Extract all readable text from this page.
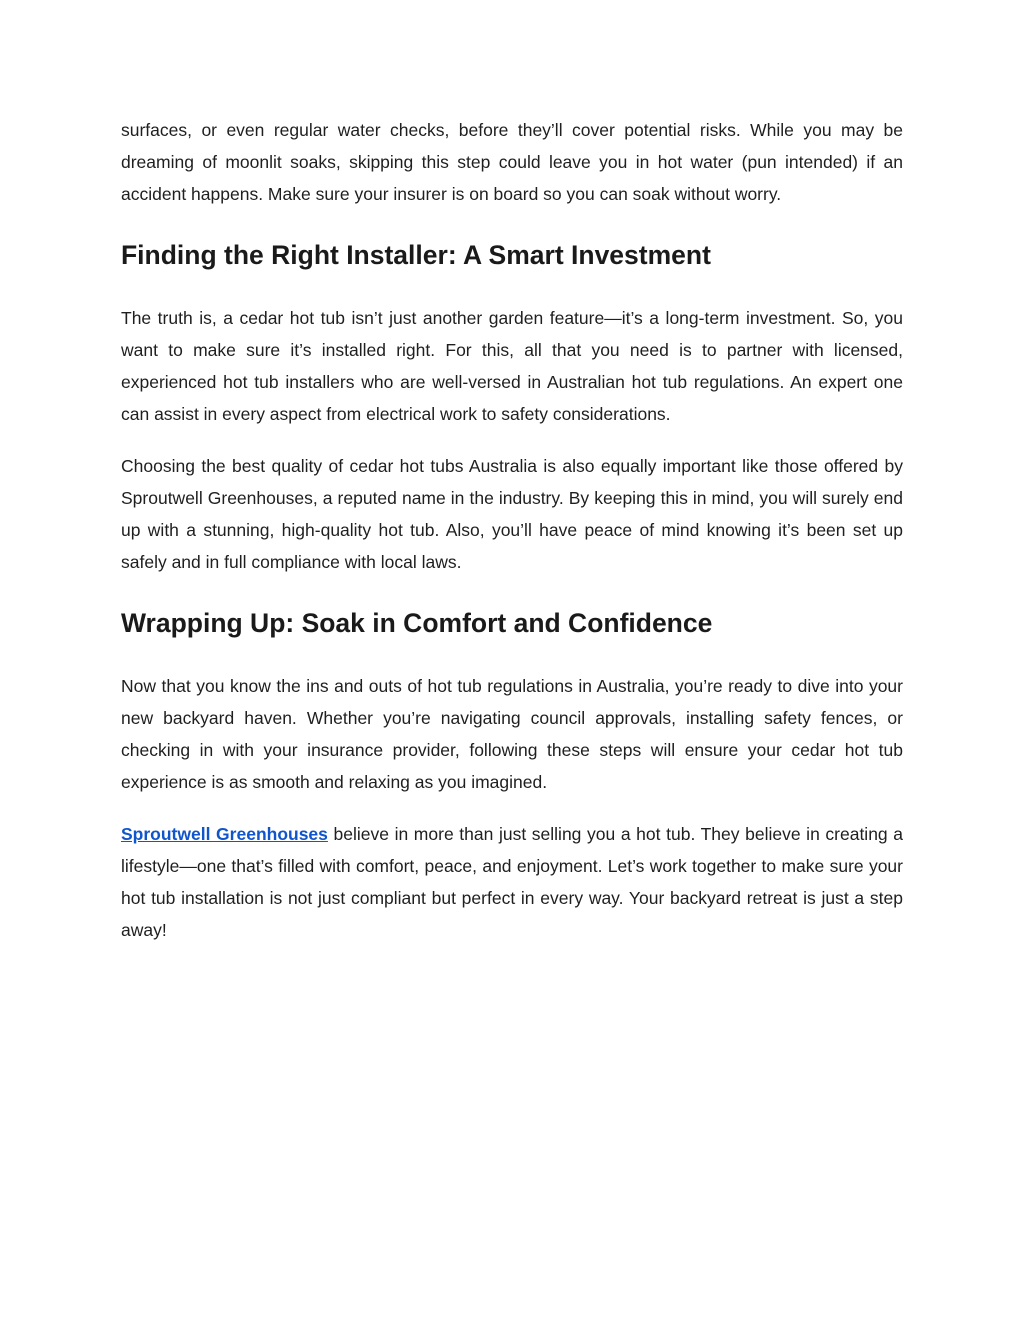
surfaces, or even regular water checks, before they’ll cover potential risks. While you may be dreaming of moonlit soaks, skipping this step could leave you in hot water (pun intended) if an accident happens. Make sure your insurer is on board so you can soak without worry.

Finding the Right Installer: A Smart Investment

The truth is, a cedar hot tub isn’t just another garden feature—it’s a long-term investment. So, you want to make sure it’s installed right. For this, all that you need is to partner with licensed, experienced hot tub installers who are well-versed in Australian hot tub regulations. An expert one can assist in every aspect from electrical work to safety considerations.

Choosing the best quality of cedar hot tubs Australia is also equally important like those offered by Sproutwell Greenhouses, a reputed name in the industry. By keeping this in mind, you will surely end up with a stunning, high-quality hot tub. Also, you’ll have peace of mind knowing it’s been set up safely and in full compliance with local laws.

Wrapping Up: Soak in Comfort and Confidence

Now that you know the ins and outs of hot tub regulations in Australia, you’re ready to dive into your new backyard haven. Whether you’re navigating council approvals, installing safety fences, or checking in with your insurance provider, following these steps will ensure your cedar hot tub experience is as smooth and relaxing as you imagined.

Sproutwell Greenhouses believe in more than just selling you a hot tub. They believe in creating a lifestyle—one that’s filled with comfort, peace, and enjoyment. Let’s work together to make sure your hot tub installation is not just compliant but perfect in every way. Your backyard retreat is just a step away!
